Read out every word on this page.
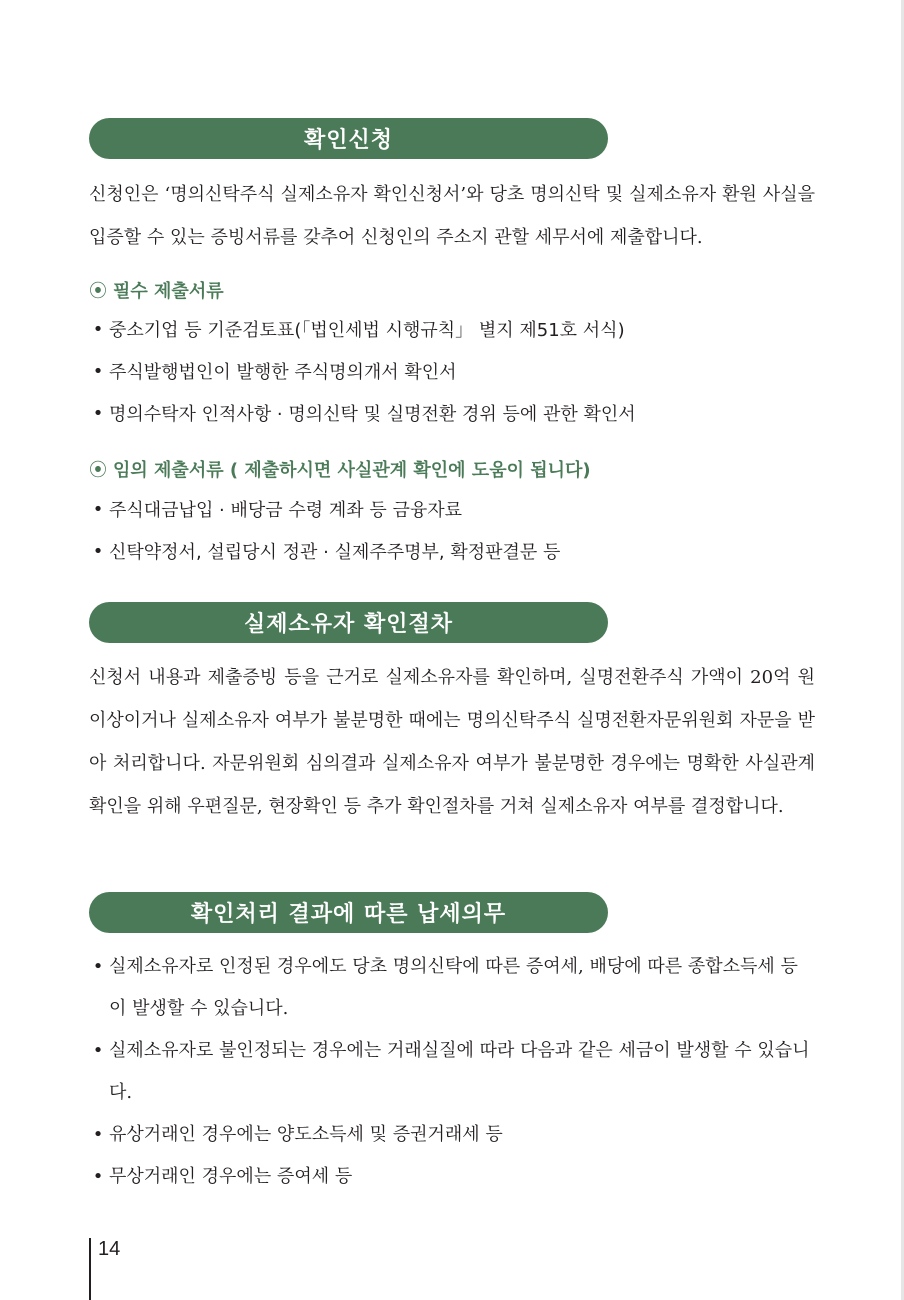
확인신청

신청인은 ‘명의신탁주식 실제소유자 확인신청서’와 당초 명의신탁 및 실제소유자 환원 사실을 입증할 수 있는 증빙서류를 갖추어 신청인의 주소지 관할 세무서에 제출합니다.

⦿ 필수 제출서류

• 중소기업 등 기준검토표(「법인세법 시행규칙」 별지 제51호 서식)
• 주식발행법인이 발행한 주식명의개서 확인서
• 명의수탁자 인적사항 · 명의신탁 및 실명전환 경위 등에 관한 확인서

⦿ 임의 제출서류 ( 제출하시면 사실관계 확인에 도움이 됩니다)

• 주식대금납입 · 배당금 수령 계좌 등 금융자료
• 신탁약정서, 설립당시 정관 · 실제주주명부, 확정판결문 등
실제소유자 확인절차

신청서 내용과 제출증빙 등을 근거로 실제소유자를 확인하며, 실명전환주식 가액이 20억 원 이상이거나 실제소유자 여부가 불분명한 때에는 명의신탁주식 실명전환자문위원회 자문을 받아 처리합니다. 자문위원회 심의결과 실제소유자 여부가 불분명한 경우에는 명확한 사실관계 확인을 위해 우편질문, 현장확인 등 추가 확인절차를 거쳐 실제소유자 여부를 결정합니다.

확인처리 결과에 따른 납세의무
• 실제소유자로 인정된 경우에도 당초 명의신탁에 따른 증여세, 배당에 따른 종합소득세 등이 발생할 수 있습니다.
• 실제소유자로 불인정되는 경우에는 거래실질에 따라 다음과 같은 세금이 발생할 수 있습니다.
• 유상거래인 경우에는 양도소득세 및 증권거래세 등
• 무상거래인 경우에는 증여세 등
14
